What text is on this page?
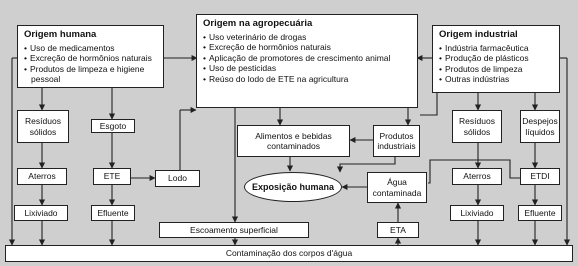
Origem humana
• Uso de medicamentos
• Excreção de hormônios naturais
• Produtos de limpeza e higiene pessoal
Origem na agropecuária
• Uso veterinário de drogas
• Excreção de hormônios naturais
• Aplicação de promotores de crescimento animal
• Uso de pesticidas
• Reúso do lodo de ETE na agricultura
Origem industrial
• Indústria farmacêutica
• Produção de plásticos
• Produtos de limpeza
• Outras indústrias
Resíduos sólidos
Esgoto
Aterros	ETE	Lodo
Lixiviado	Efluente
Alimentos e bebidas contaminados
Produtos industriais
Exposição humana	Água contaminada
ETA
Escoamento superficial
Resíduos sólidos
Despejos líquidos
Aterros	ETDI
Lixiviado	Efluente
Contaminação dos corpos d'água
